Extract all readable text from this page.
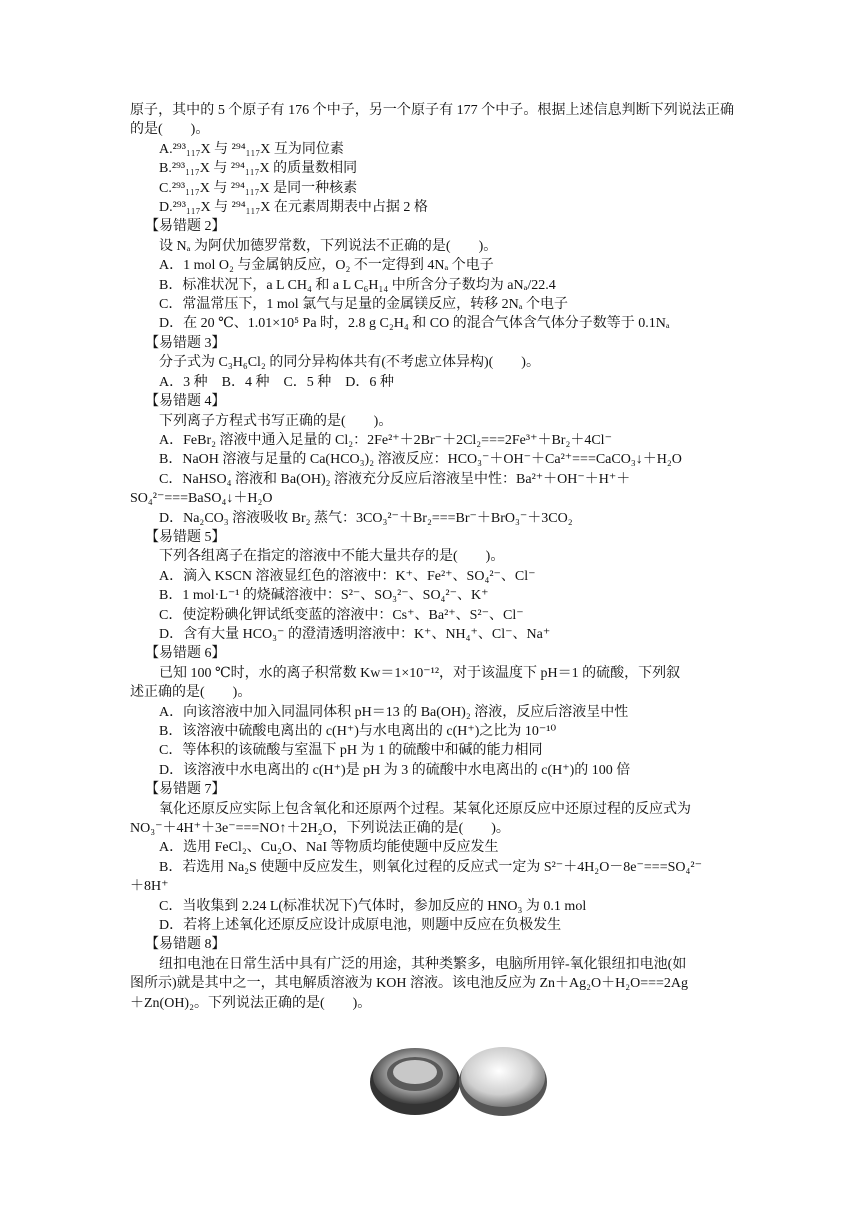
原子，其中的 5 个原子有 176 个中子，另一个原子有 177 个中子。根据上述信息判断下列说法正确的是(　　)。
A.²⁹³₁₁₇X 与 ²⁹⁴₁₁₇X 互为同位素
B.²⁹³₁₁₇X 与 ²⁹⁴₁₁₇X 的质量数相同
C.²⁹³₁₁₇X 与 ²⁹⁴₁₁₇X 是同一种核素
D.²⁹³₁₁₇X 与 ²⁹⁴₁₁₇X 在元素周期表中占据 2 格
【易错题 2】
设 Nₐ 为阿伏加德罗常数，下列说法不正确的是(　　)。
A．1 mol O₂ 与金属钠反应，O₂ 不一定得到 4Nₐ 个电子
B．标准状况下，a L CH₄ 和 a L C₆H₁₄ 中所含分子数均为 aNₐ/22.4
C．常温常压下，1 mol 氯气与足量的金属镁反应，转移 2Nₐ 个电子
D．在 20 ℃、1.01×10⁵ Pa 时，2.8 g C₂H₄ 和 CO 的混合气体含气体分子数等于 0.1Nₐ
【易错题 3】
分子式为 C₃H₆Cl₂ 的同分异构体共有(不考虑立体异构)(　　)。
A．3 种　B．4 种　C．5 种　D．6 种
【易错题 4】
下列离子方程式书写正确的是(　　)。
A．FeBr₂ 溶液中通入足量的 Cl₂：2Fe²⁺＋2Br⁻＋2Cl₂===2Fe³⁺＋Br₂＋4Cl⁻
B．NaOH 溶液与足量的 Ca(HCO₃)₂ 溶液反应：HCO₃⁻＋OH⁻＋Ca²⁺===CaCO₃↓＋H₂O
C．NaHSO₄ 溶液和 Ba(OH)₂ 溶液充分反应后溶液呈中性：Ba²⁺＋OH⁻＋H⁺＋
SO₄²⁻===BaSO₄↓＋H₂O
D．Na₂CO₃ 溶液吸收 Br₂ 蒸气：3CO₃²⁻＋Br₂===Br⁻＋BrO₃⁻＋3CO₂
【易错题 5】
下列各组离子在指定的溶液中不能大量共存的是(　　)。
A．滴入 KSCN 溶液显红色的溶液中：K⁺、Fe²⁺、SO₄²⁻、Cl⁻
B．1 mol·L⁻¹ 的烧碱溶液中：S²⁻、SO₃²⁻、SO₄²⁻、K⁺
C．使淀粉碘化钾试纸变蓝的溶液中：Cs⁺、Ba²⁺、S²⁻、Cl⁻
D．含有大量 HCO₃⁻ 的澄清透明溶液中：K⁺、NH₄⁺、Cl⁻、Na⁺
【易错题 6】
已知 100 ℃时，水的离子积常数 Kw＝1×10⁻¹²，对于该温度下 pH＝1 的硫酸，下列叙
述正确的是(　　)。
A．向该溶液中加入同温同体积 pH＝13 的 Ba(OH)₂ 溶液，反应后溶液呈中性
B．该溶液中硫酸电离出的 c(H⁺)与水电离出的 c(H⁺)之比为 10⁻¹⁰
C．等体积的该硫酸与室温下 pH 为 1 的硫酸中和碱的能力相同
D．该溶液中水电离出的 c(H⁺)是 pH 为 3 的硫酸中水电离出的 c(H⁺)的 100 倍
【易错题 7】
氧化还原反应实际上包含氧化和还原两个过程。某氧化还原反应中还原过程的反应式为
NO₃⁻＋4H⁺＋3e⁻===NO↑＋2H₂O，下列说法正确的是(　　)。
A．选用 FeCl₂、Cu₂O、NaI 等物质均能使题中反应发生
B．若选用 Na₂S 使题中反应发生，则氧化过程的反应式一定为 S²⁻＋4H₂O－8e⁻===SO₄²⁻
＋8H⁺
C．当收集到 2.24 L(标准状况下)气体时，参加反应的 HNO₃ 为 0.1 mol
D．若将上述氧化还原反应设计成原电池，则题中反应在负极发生
【易错题 8】
纽扣电池在日常生活中具有广泛的用途，其种类繁多，电脑所用锌-氧化银纽扣电池(如
图所示)就是其中之一，其电解质溶液为 KOH 溶液。该电池反应为 Zn＋Ag₂O＋H₂O===2Ag
＋Zn(OH)₂。下列说法正确的是(　　)。
